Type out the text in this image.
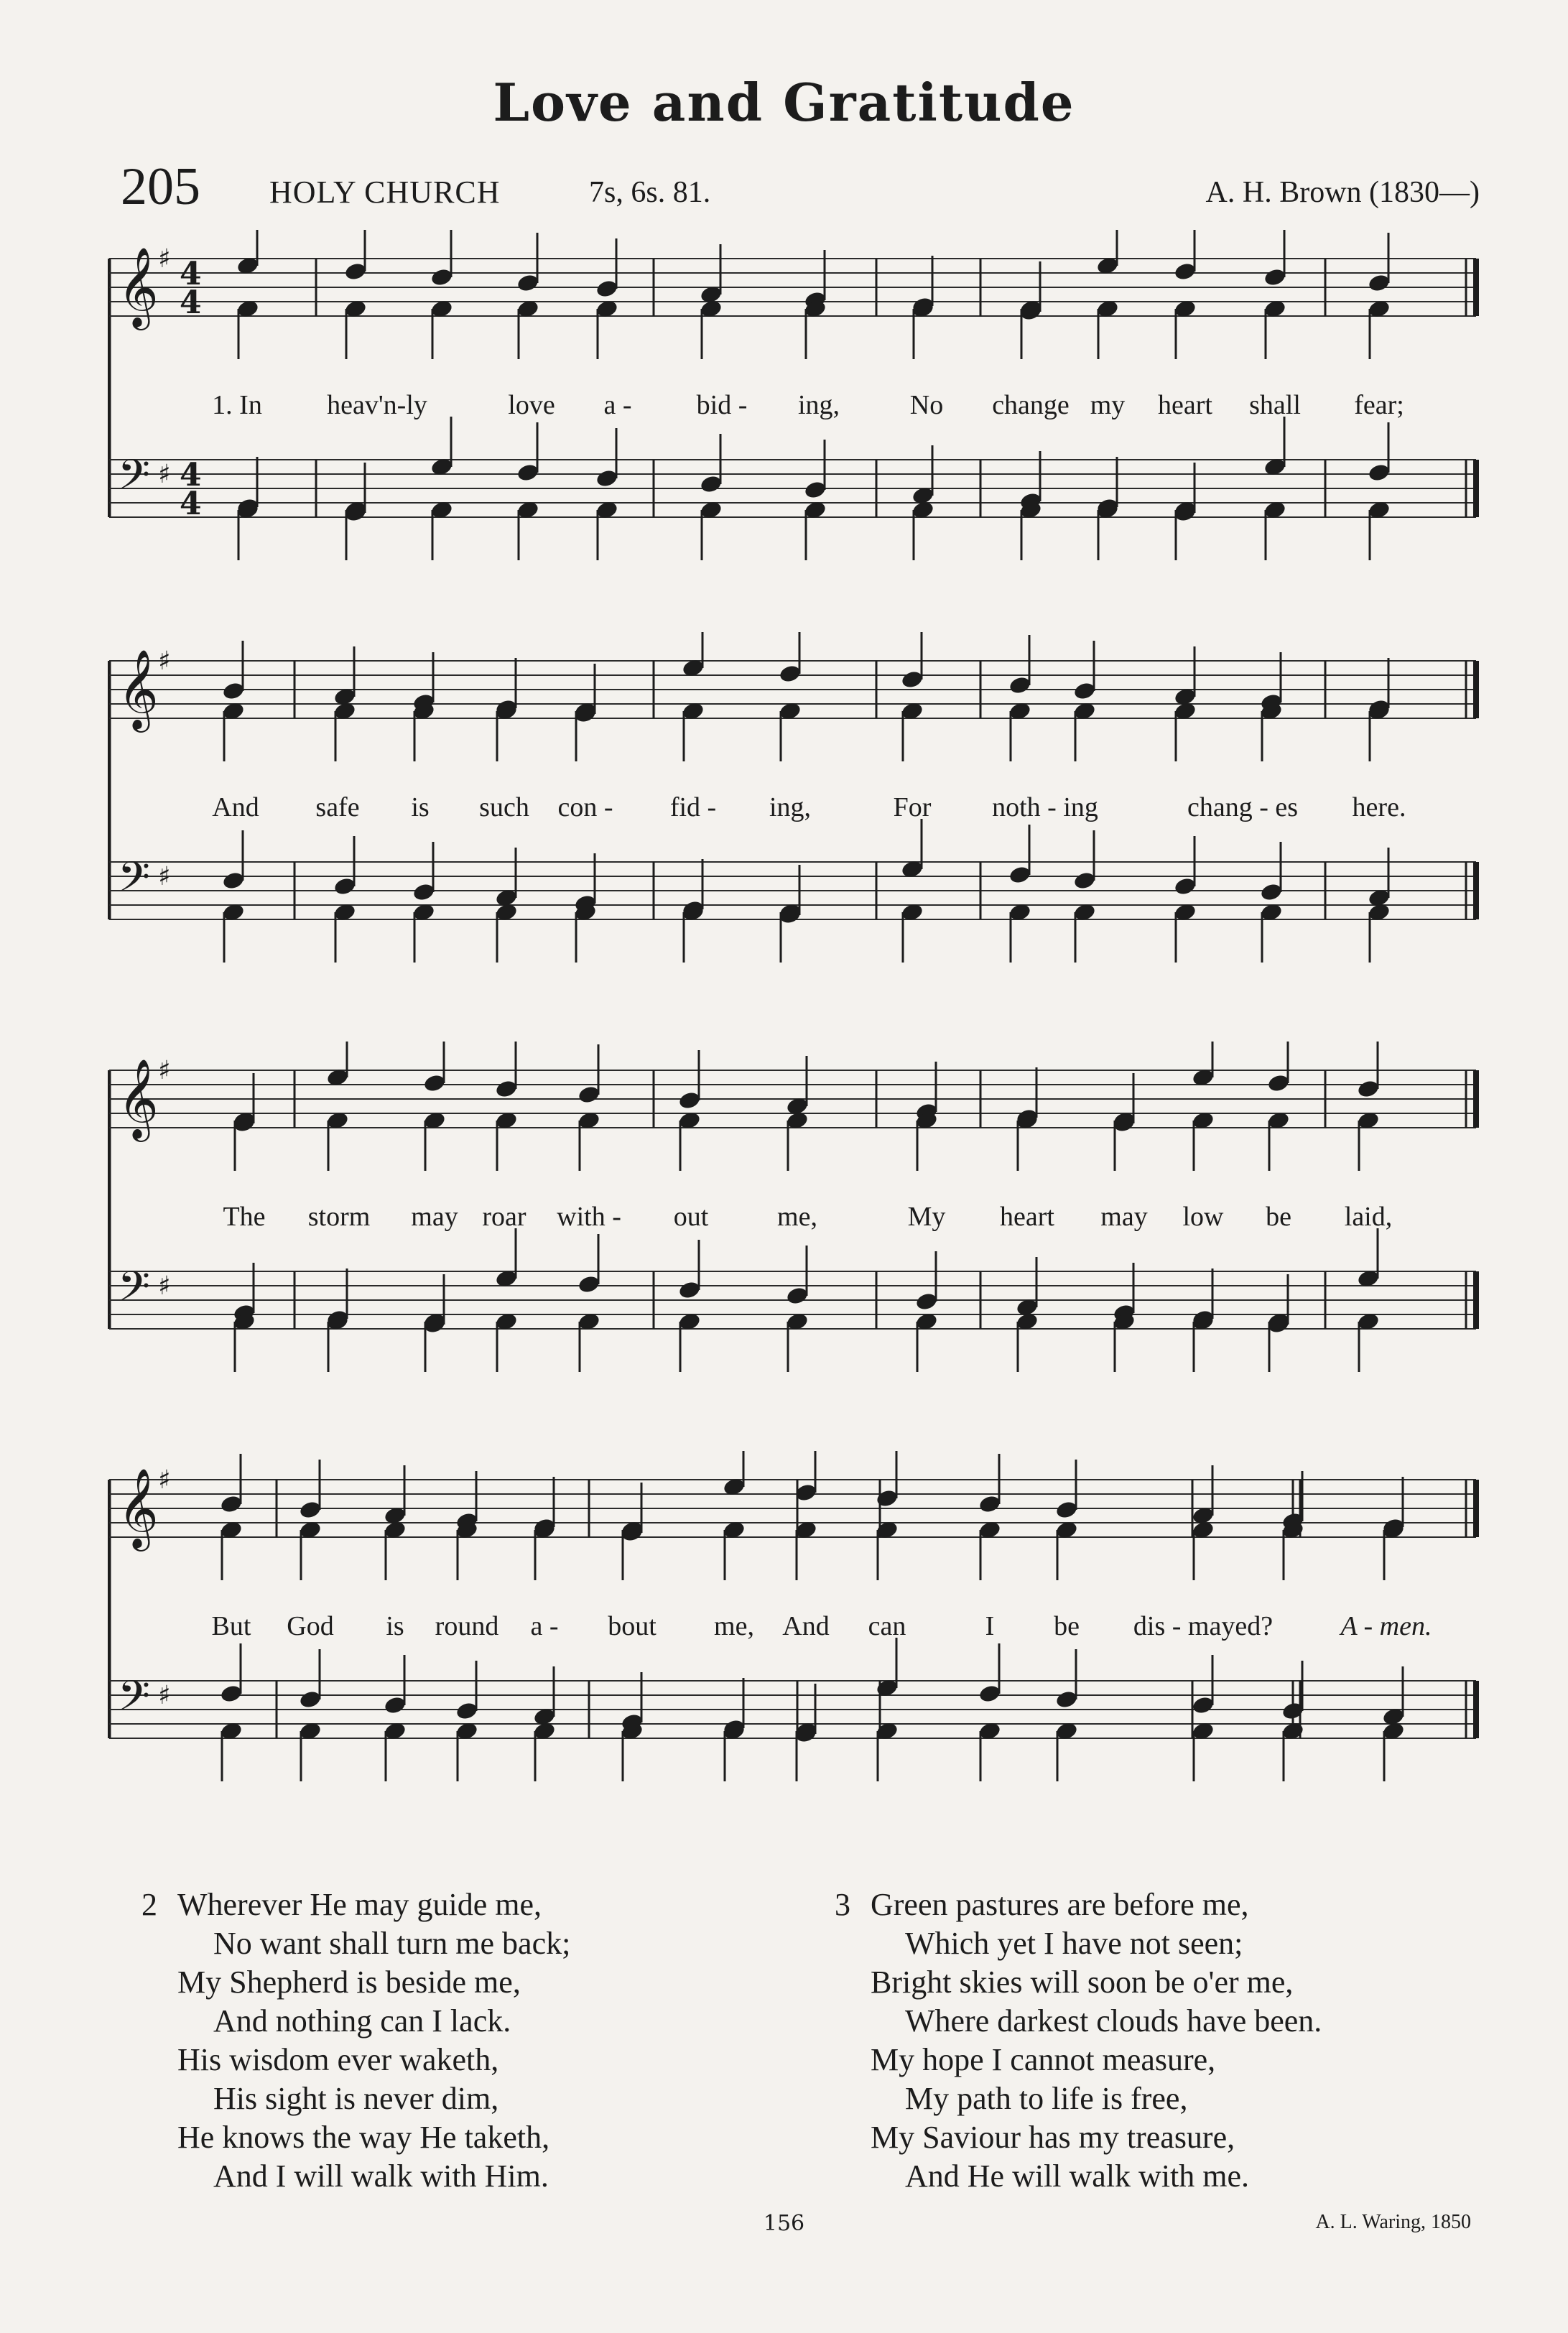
Love and Gratitude
205 HOLY CHURCH	7s, 6s. 81.	A. H. Brown (1830—)
𝄞 ♯ 4
4
𝄢 ♯ 4
4
1. In heav'n-ly	love a - bid - ing,	No change my heart shall fear;
𝄞 ♯
𝄢 ♯
And safe is such con - fid - ing,	For noth - ing	chang - es here.
𝄞 ♯
𝄢 ♯
The storm may roar with - out	me,	My heart may low be laid,
𝄞 ♯
𝄢 ♯
But God is round a - bout me, And can	I be dis - mayed? A - men.
2 Wherever He may guide me,
No want shall turn me back;
My Shepherd is beside me,
And nothing can I lack.
His wisdom ever waketh,
His sight is never dim,
He knows the way He taketh,
And I will walk with Him.
3 Green pastures are before me,
Which yet I have not seen;
Bright skies will soon be o'er me,
Where darkest clouds have been.
My hope I cannot measure,
My path to life is free,
My Saviour has my treasure,
And He will walk with me.
156	A. L. Waring, 1850
